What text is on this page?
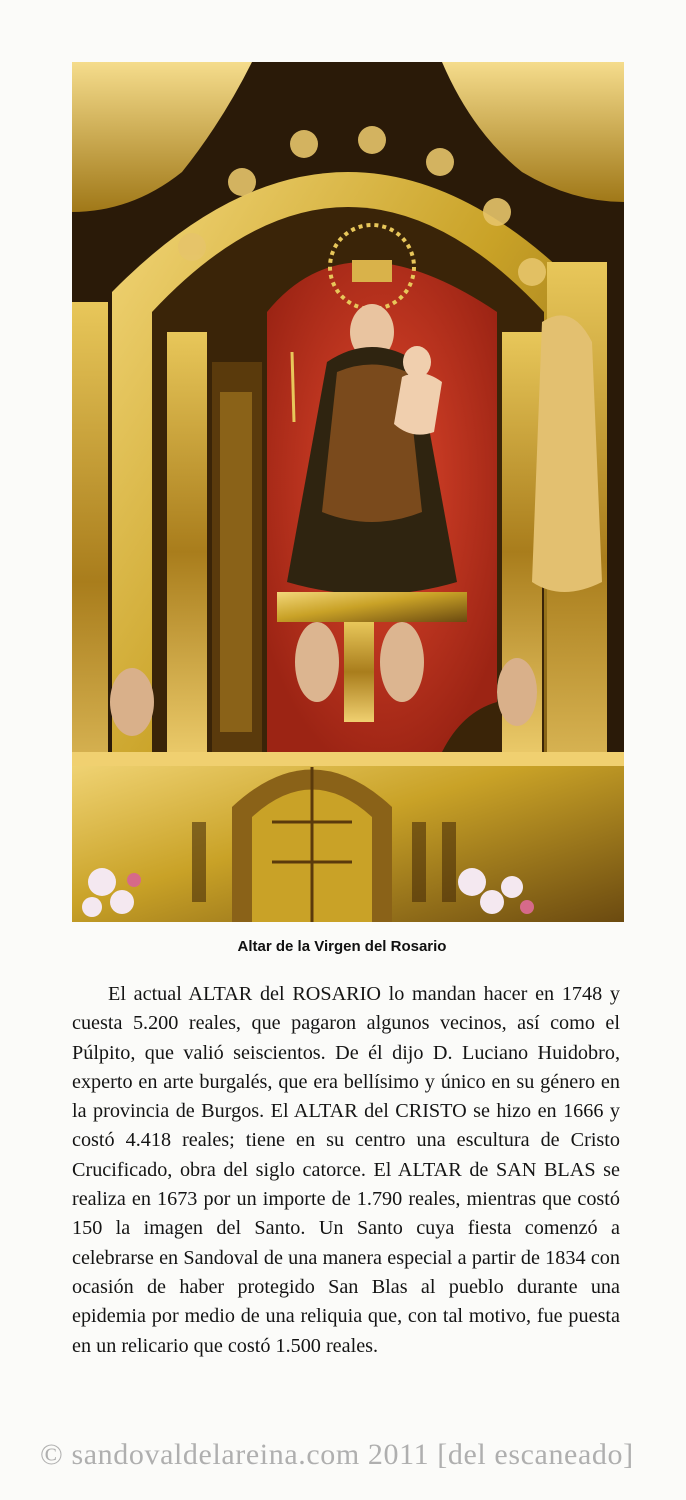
Altar de la Virgen del Rosario

El actual ALTAR del ROSARIO lo mandan hacer en 1748 y cuesta 5.200 reales, que pagaron algunos vecinos, así como el Púlpito, que valió seiscientos. De él dijo D. Luciano Huidobro, experto en arte burgalés, que era bellísimo y único en su género en la provincia de Burgos. El ALTAR del CRISTO se hizo en 1666 y costó 4.418 reales; tiene en su centro una escultura de Cristo Crucificado, obra del siglo catorce. El ALTAR de SAN BLAS se realiza en 1673 por un importe de 1.790 reales, mientras que costó 150 la imagen del Santo. Un Santo cuya fiesta comenzó a celebrarse en Sandoval de una manera especial a partir de 1834 con ocasión de haber protegido San Blas al pueblo durante una epidemia por medio de una reliquia que, con tal motivo, fue puesta en un relicario que costó 1.500 reales.

© sandovaldelareina.com 2011 [del escaneado]
